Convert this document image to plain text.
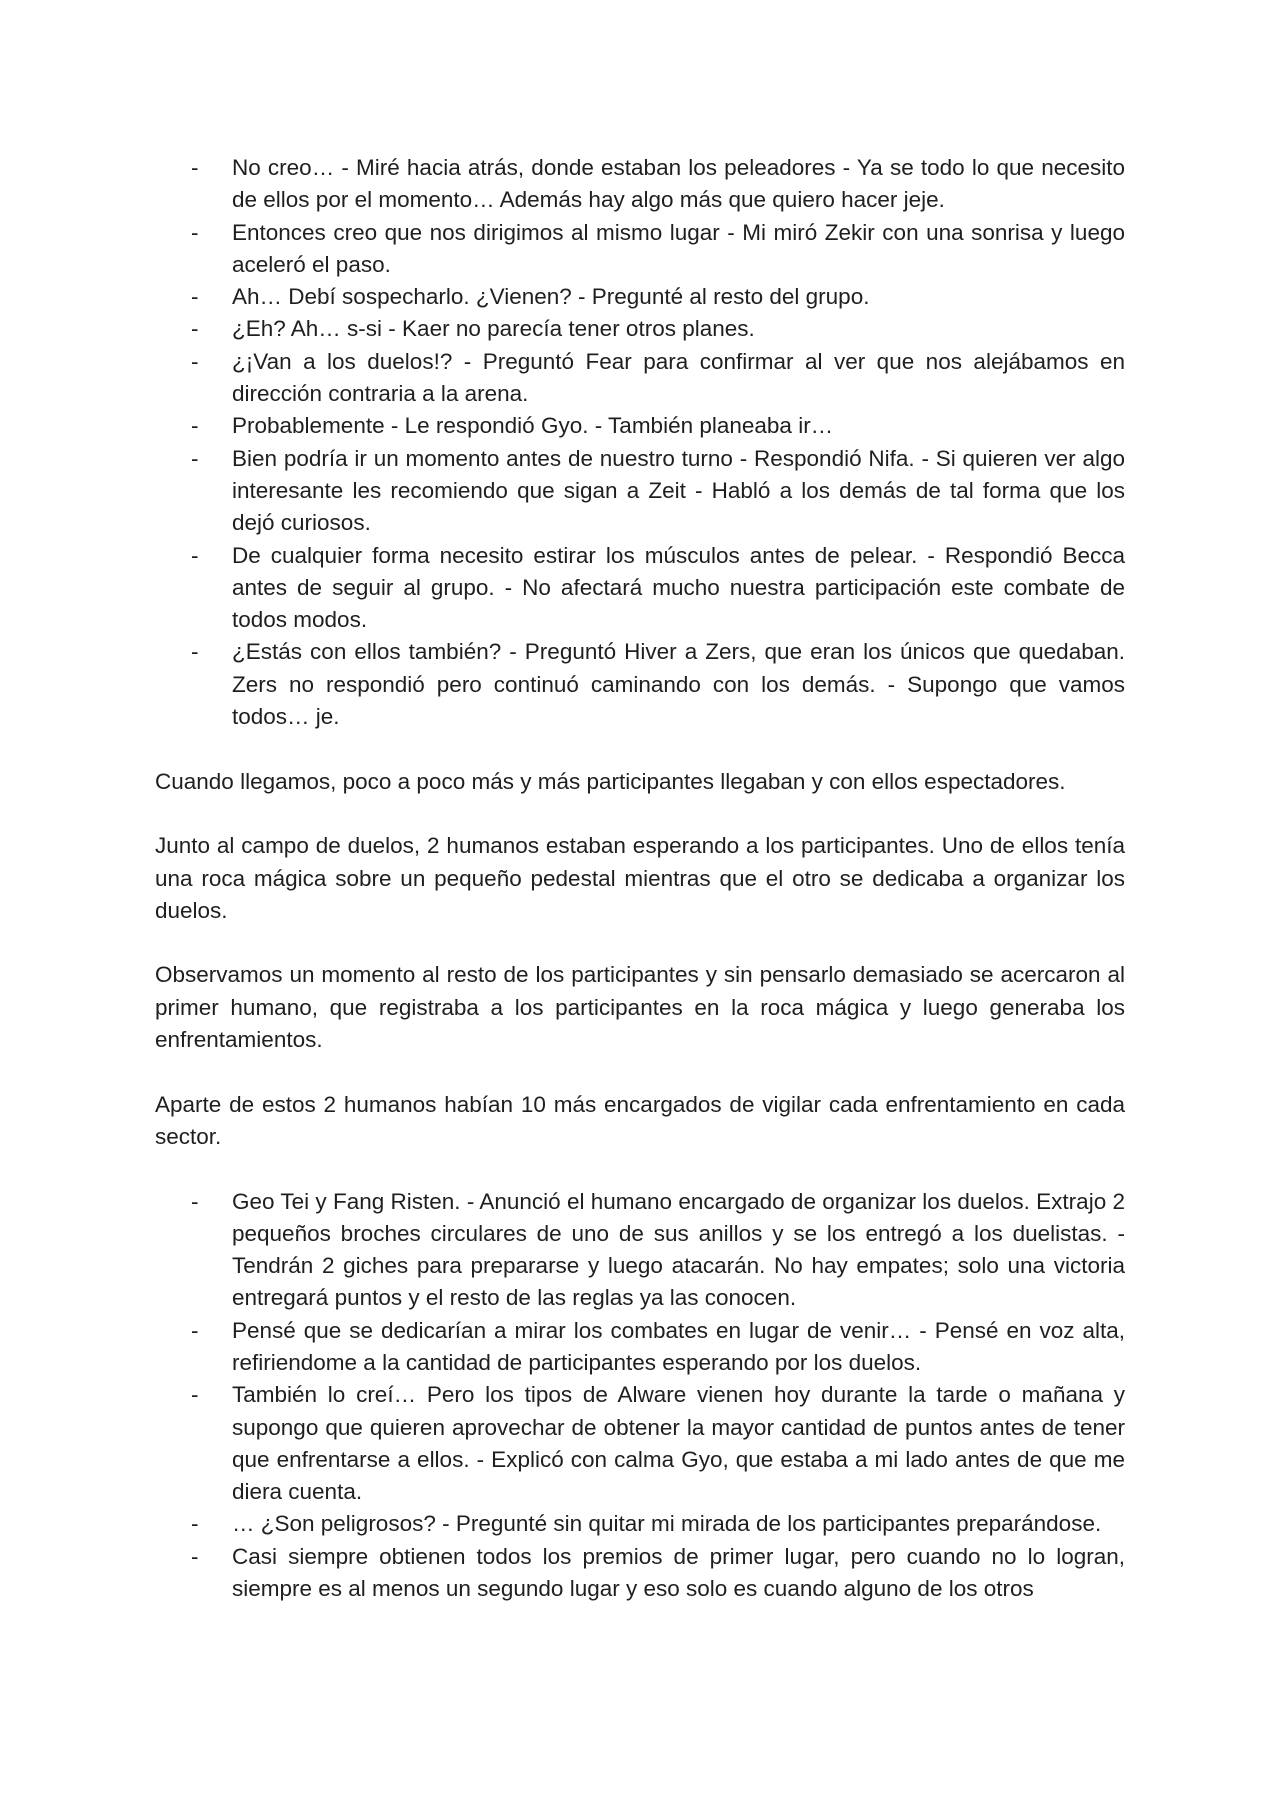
- No creo… - Miré hacia atrás, donde estaban los peleadores - Ya se todo lo que necesito de ellos por el momento… Además hay algo más que quiero hacer jeje.
- Entonces creo que nos dirigimos al mismo lugar - Mi miró Zekir con una sonrisa y luego aceleró el paso.
- Ah… Debí sospecharlo. ¿Vienen? - Pregunté al resto del grupo.
- ¿Eh? Ah… s-si - Kaer no parecía tener otros planes.
- ¿¡Van a los duelos!? - Preguntó Fear para confirmar al ver que nos alejábamos en dirección contraria a la arena.
- Probablemente - Le respondió Gyo. - También planeaba ir…
- Bien podría ir un momento antes de nuestro turno - Respondió Nifa. - Si quieren ver algo interesante les recomiendo que sigan a Zeit - Habló a los demás de tal forma que los dejó curiosos.
- De cualquier forma necesito estirar los músculos antes de pelear. - Respondió Becca antes de seguir al grupo. - No afectará mucho nuestra participación este combate de todos modos.
- ¿Estás con ellos también? - Preguntó Hiver a Zers, que eran los únicos que quedaban. Zers no respondió pero continuó caminando con los demás. - Supongo que vamos todos… je.

Cuando llegamos, poco a poco más y más participantes llegaban y con ellos espectadores.

Junto al campo de duelos, 2 humanos estaban esperando a los participantes. Uno de ellos tenía una roca mágica sobre un pequeño pedestal mientras que el otro se dedicaba a organizar los duelos.

Observamos un momento al resto de los participantes y sin pensarlo demasiado se acercaron al primer humano, que registraba a los participantes en la roca mágica y luego generaba los enfrentamientos.

Aparte de estos 2 humanos habían 10 más encargados de vigilar cada enfrentamiento en cada sector.

- Geo Tei y Fang Risten. - Anunció el humano encargado de organizar los duelos. Extrajo 2 pequeños broches circulares de uno de sus anillos y se los entregó a los duelistas. - Tendrán 2 giches para prepararse y luego atacarán. No hay empates; solo una victoria entregará puntos y el resto de las reglas ya las conocen.
- Pensé que se dedicarían a mirar los combates en lugar de venir… - Pensé en voz alta, refiriendome a la cantidad de participantes esperando por los duelos.
- También lo creí… Pero los tipos de Alware vienen hoy durante la tarde o mañana y supongo que quieren aprovechar de obtener la mayor cantidad de puntos antes de tener que enfrentarse a ellos. - Explicó con calma Gyo, que estaba a mi lado antes de que me diera cuenta.
- … ¿Son peligrosos? - Pregunté sin quitar mi mirada de los participantes preparándose.
- Casi siempre obtienen todos los premios de primer lugar, pero cuando no lo logran, siempre es al menos un segundo lugar y eso solo es cuando alguno de los otros
